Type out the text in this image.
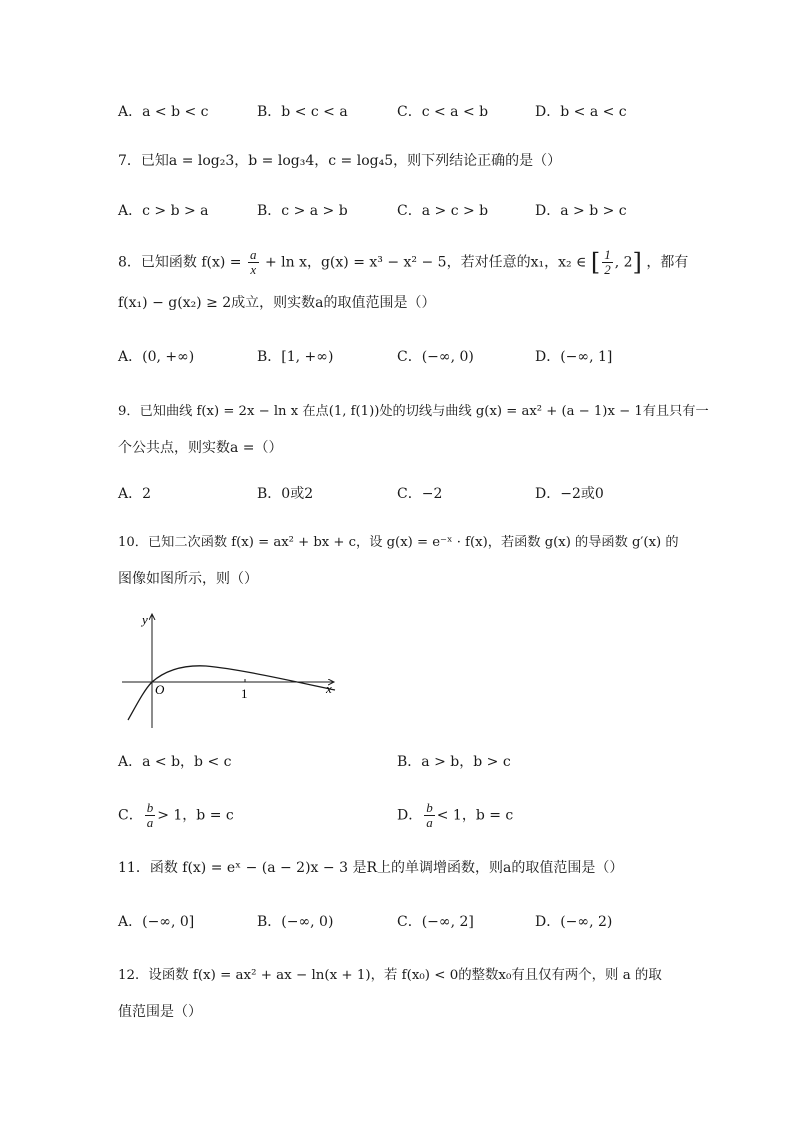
A．a < b < c	B．b < c < a	C．c < a < b	D．b < a < c
7．已知a = log₂3，b = log₃4，c = log₄5，则下列结论正确的是（）
A．c > b > a	B．c > a > b	C．a > c > b	D．a > b > c
8．已知函数 $f(x) = \frac{a}{x} + \ln x$，g(x) = x³ − x² − 5，若对任意的x₁，x₂ ∈ [ $\frac{1}{2}$ , 2] ，都有
f(x₁) − g(x₂) ≥ 2成立，则实数a的取值范围是（）
A．(0, +∞)	B．[1, +∞)	C．(−∞, 0)	D．(−∞, 1]
9．已知曲线 f(x) = 2x − ln x 在点(1, f(1))处的切线与曲线 g(x) = ax² + (a − 1)x − 1有且只有一
个公共点，则实数a =（）
A．2	B．0或2	C．−2	D．−2或0
10．已知二次函数 f(x) = ax² + bx + c，设 g(x) = e⁻ˣ · f(x)，若函数 g(x) 的导函数 g′(x) 的
图像如图所示，则（）
y
x
O	1
A．a < b，b < c	B．a > b，b > c
C． $\frac{b}{a} > 1$，b = c	D． $\frac{b}{a} < 1$，b = c
11．函数 f(x) = eˣ − (a − 2)x − 3 是R上的单调增函数，则a的取值范围是（）
A．(−∞, 0]	B．(−∞, 0)	C．(−∞, 2]	D．(−∞, 2)
12．设函数 f(x) = ax² + ax − ln(x + 1)，若 f(x₀) < 0的整数x₀有且仅有两个，则 a 的取
值范围是（）
